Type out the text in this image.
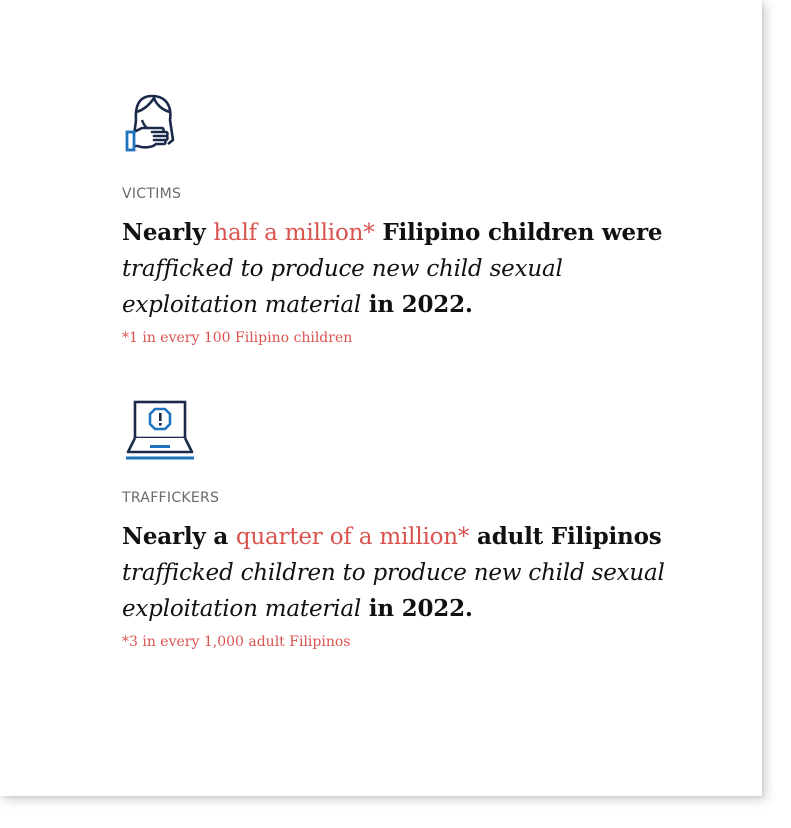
VICTIMS
Nearly half a million* Filipino children were trafficked to produce new child sexual exploitation material in 2022.
*1 in every 100 Filipino children
TRAFFICKERS
Nearly a quarter of a million* adult Filipinos trafficked children to produce new child sexual exploitation material in 2022.
*3 in every 1,000 adult Filipinos
